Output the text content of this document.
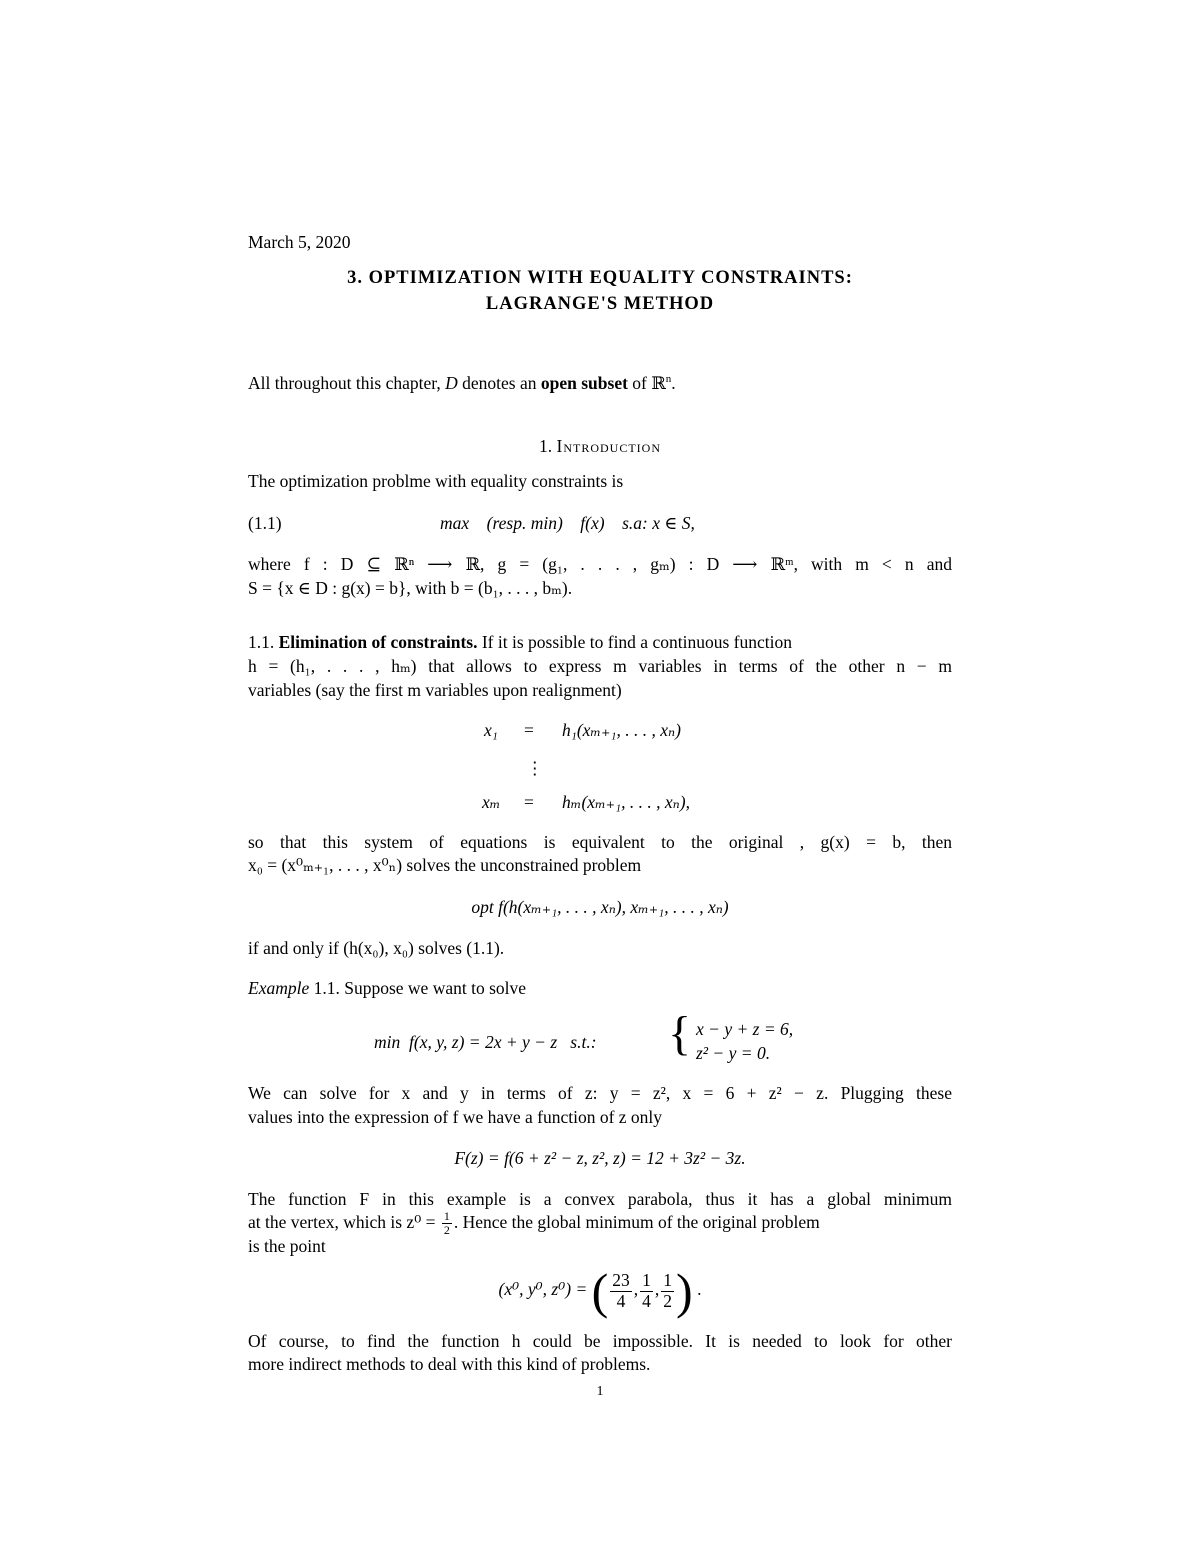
March 5, 2020
3. OPTIMIZATION WITH EQUALITY CONSTRAINTS:
LAGRANGE'S METHOD
All throughout this chapter, D denotes an open subset of ℝ$^n$.
1. Introduction
The optimization problme with equality constraints is
(1.1)	max    (resp. min)    f(x)    s.a: x ∈ S,
where f : D ⊆ ℝⁿ ⟶ ℝ, g = (g₁, . . . , gₘ) : D ⟶ ℝᵐ, with m < n and
S = {x ∈ D : g(x) = b}, with b = (b₁, . . . , bₘ).
1.1. Elimination of constraints. If it is possible to find a continuous function
h = (h₁, . . . , hₘ) that allows to express m variables in terms of the other n − m
variables (say the first m variables upon realignment)
x₁ = h₁(xₘ₊₁, . . . , xₙ)
⋮
xₘ = hₘ(xₘ₊₁, . . . , xₙ),
so that this system of equations is equivalent to the original , g(x) = b, then
x₀ = (x⁰ₘ₊₁, . . . , x⁰ₙ) solves the unconstrained problem
opt f(h(xₘ₊₁, . . . , xₙ), xₘ₊₁, . . . , xₙ)
if and only if (h(x₀), x₀) solves (1.1).
Example 1.1. Suppose we want to solve
min  f(x, y, z) = 2x + y − z   s.t.: { x − y + z = 6,
z² − y = 0.
We can solve for x and y in terms of z: y = z², x = 6 + z² − z. Plugging these
values into the expression of f we have a function of z only
F(z) = f(6 + z² − z, z², z) = 12 + 3z² − 3z.
The function F in this example is a convex parabola, thus it has a global minimum
at the vertex, which is $z^0 = \frac{1}{2}$ . Hence the global minimum of the original problem
is the point
(x⁰, y⁰, z⁰) = ( $\frac{23}{4}$ , $\frac{1}{4}$ , $\frac{1}{2}$ ) .
Of course, to find the function h could be impossible. It is needed to look for other
more indirect methods to deal with this kind of problems.
1
